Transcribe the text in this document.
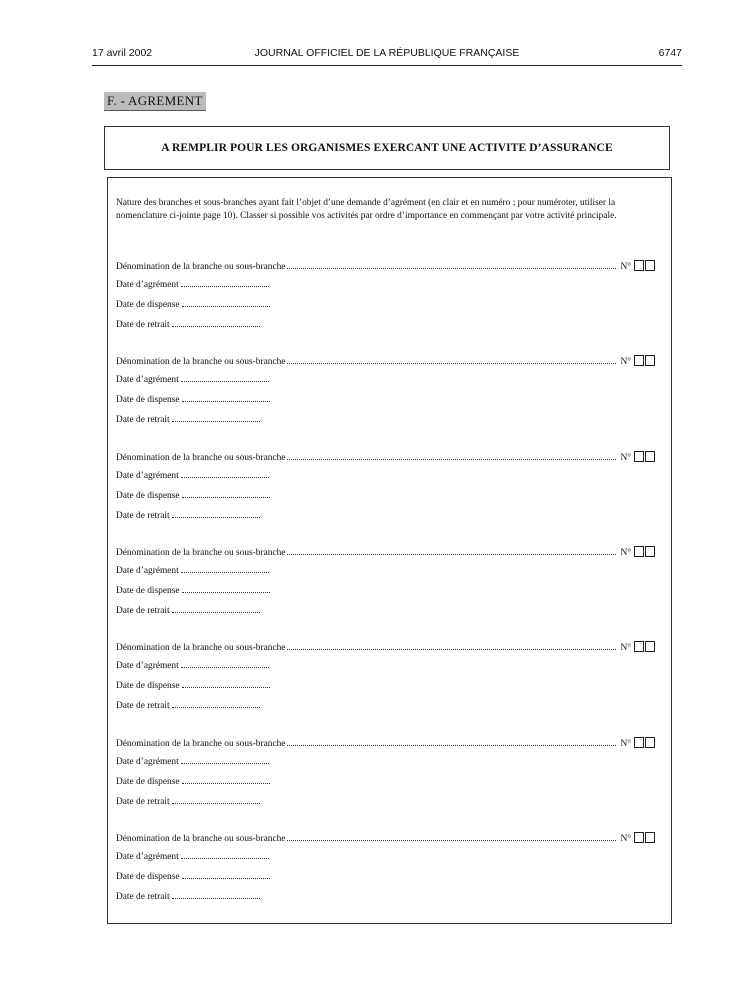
17 avril 2002	JOURNAL OFFICIEL DE LA RÉPUBLIQUE FRANÇAISE	6747
F. - AGREMENT
A REMPLIR POUR LES ORGANISMES EXERCANT UNE ACTIVITE D’ASSURANCE
Nature des branches et sous-branches ayant fait l’objet d’une demande d’agrément (en clair et en numéro ; pour numéroter, utiliser la nomenclature ci-jointe page 10). Classer si possible vos activités par ordre d’importance en commençant par votre activité principale.
Dénomination de la branche ou sous-branche	N°
Date d’agrément
Date de dispense
Date de retrait
Dénomination de la branche ou sous-branche	N°
Date d’agrément
Date de dispense
Date de retrait
Dénomination de la branche ou sous-branche	N°
Date d’agrément
Date de dispense
Date de retrait
Dénomination de la branche ou sous-branche	N°
Date d’agrément
Date de dispense
Date de retrait
Dénomination de la branche ou sous-branche	N°
Date d’agrément
Date de dispense
Date de retrait
Dénomination de la branche ou sous-branche	N°
Date d’agrément
Date de dispense
Date de retrait
Dénomination de la branche ou sous-branche	N°
Date d’agrément
Date de dispense
Date de retrait
